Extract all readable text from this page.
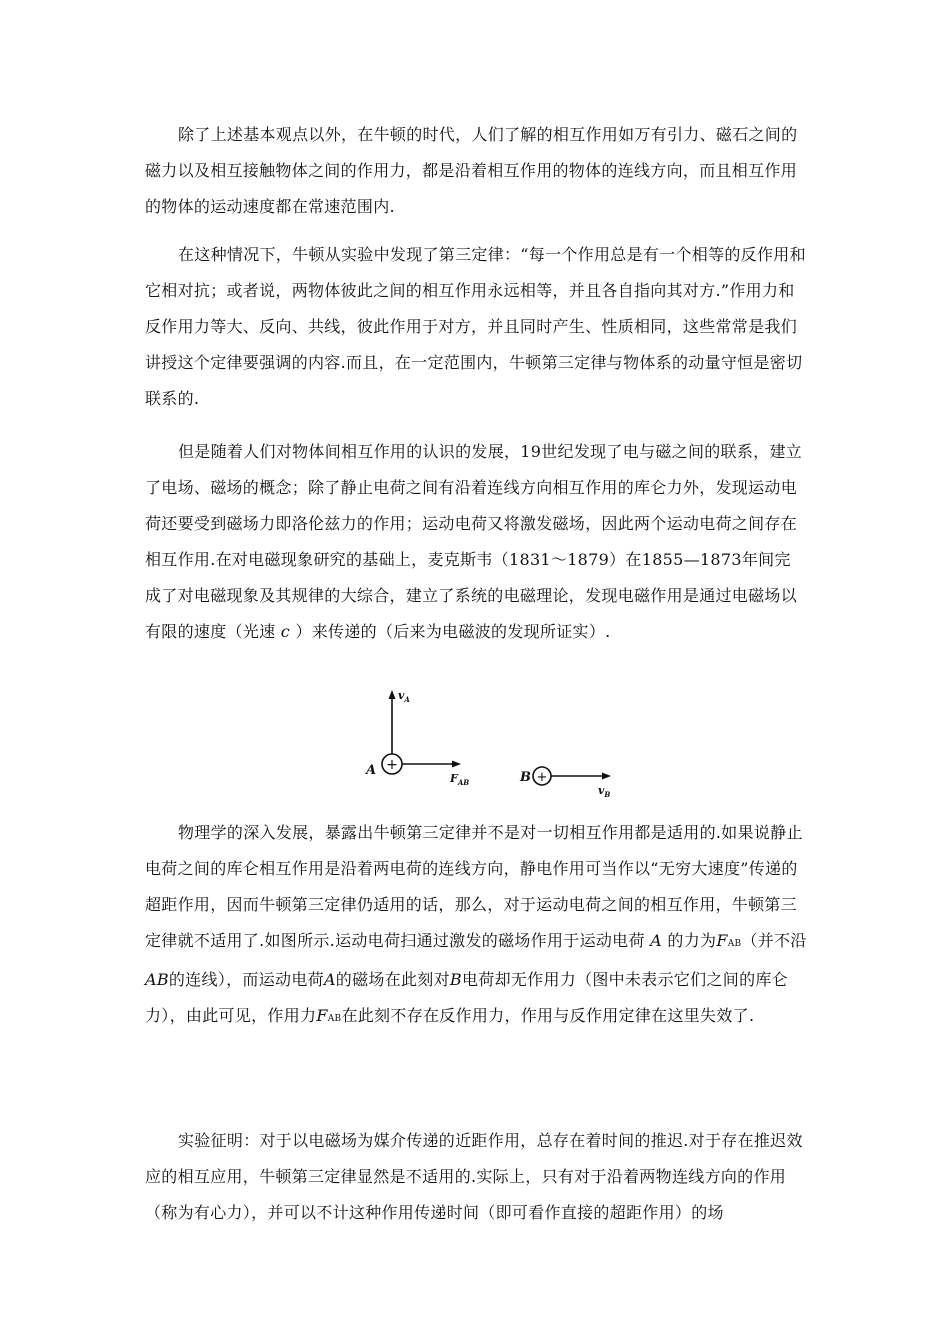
除了上述基本观点以外，在牛顿的时代，人们了解的相互作用如万有引力、磁石之间的磁力以及相互接触物体之间的作用力，都是沿着相互作用的物体的连线方向，而且相互作用的物体的运动速度都在常速范围内.

在这种情况下，牛顿从实验中发现了第三定律：“每一个作用总是有一个相等的反作用和它相对抗；或者说，两物体彼此之间的相互作用永远相等，并且各自指向其对方.”作用力和反作用力等大、反向、共线，彼此作用于对方，并且同时产生、性质相同，这些常常是我们讲授这个定律要强调的内容.而且，在一定范围内，牛顿第三定律与物体系的动量守恒是密切联系的.

但是随着人们对物体间相互作用的认识的发展，19世纪发现了电与磁之间的联系，建立了电场、磁场的概念；除了静止电荷之间有沿着连线方向相互作用的库仑力外，发现运动电荷还要受到磁场力即洛伦兹力的作用；运动电荷又将激发磁场，因此两个运动电荷之间存在相互作用.在对电磁现象研究的基础上，麦克斯韦（1831～1879）在1855—1873年间完成了对电磁现象及其规律的大综合，建立了系统的电磁理论，发现电磁作用是通过电磁场以有限的速度（光速 c ）来传递的（后来为电磁波的发现所证实）.

+
$v_A$
$F_{AB}$
A	+
B
$v_B$

物理学的深入发展，暴露出牛顿第三定律并不是对一切相互作用都是适用的.如果说静止电荷之间的库仑相互作用是沿着两电荷的连线方向，静电作用可当作以“无穷大速度”传递的超距作用，因而牛顿第三定律仍适用的话，那么，对于运动电荷之间的相互作用，牛顿第三定律就不适用了.如图所示.运动电荷扫通过激发的磁场作用于运动电荷 A 的力为FAB（并不沿AB的连线），而运动电荷A的磁场在此刻对B电荷却无作用力（图中未表示它们之间的库仑力），由此可见，作用力FAB在此刻不存在反作用力，作用与反作用定律在这里失效了.

实验征明：对于以电磁场为媒介传递的近距作用，总存在着时间的推迟.对于存在推迟效应的相互应用，牛顿第三定律显然是不适用的.实际上，只有对于沿着两物连线方向的作用（称为有心力），并可以不计这种作用传递时间（即可看作直接的超距作用）的场
